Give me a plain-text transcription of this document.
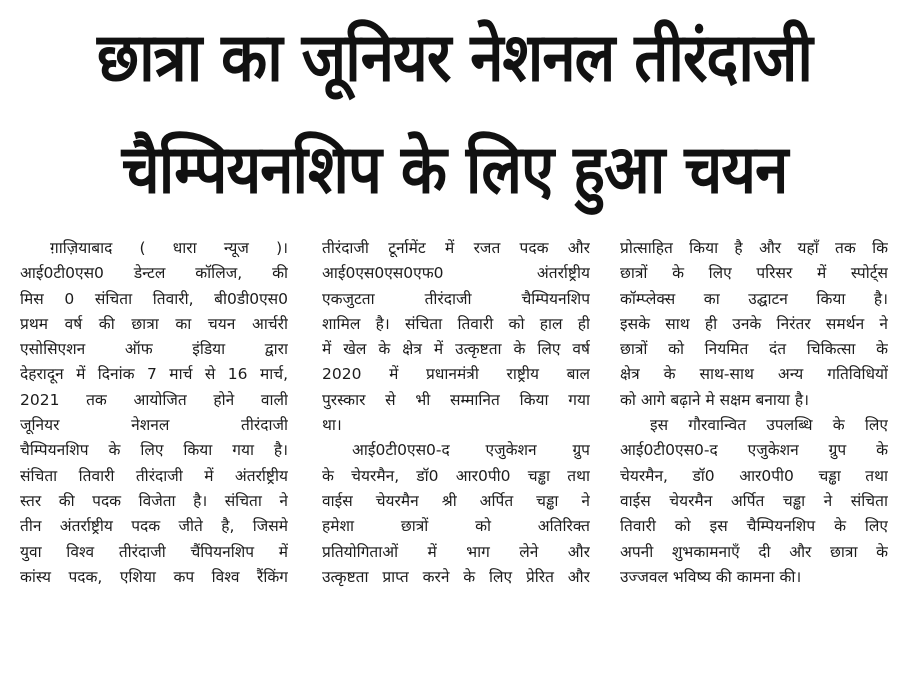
छात्रा का जूनियर नेशनल तीरंदाजी
चैम्पियनशिप के लिए हुआ चयन
ग़ाज़ियाबाद ( धारा न्यूज )।
आई0टी0एस0 डेन्टल कॉलिज, की
मिस 0 संचिता तिवारी, बी0डी0एस0
प्रथम वर्ष की छात्रा का चयन आर्चरी
एसोसिएशन ऑफ इंडिया द्वारा
देहरादून में दिनांक 7 मार्च से 16 मार्च,
2021 तक आयोजित होने वाली
जूनियर नेशनल तीरंदाजी
चैम्पियनशिप के लिए किया गया है।
संचिता तिवारी तीरंदाजी में अंतर्राष्ट्रीय
स्तर की पदक विजेता है। संचिता ने
तीन अंतर्राष्ट्रीय पदक जीते है, जिसमे
युवा विश्व तीरंदाजी चैंपियनशिप में
कांस्य पदक, एशिया कप विश्व रैंकिंग
तीरंदाजी टूर्नामेंट में रजत पदक और
आई0एस0एस0एफ0 अंतर्राष्ट्रीय
एकजुटता तीरंदाजी चैम्पियनशिप
शामिल है। संचिता तिवारी को हाल ही
में खेल के क्षेत्र में उत्कृष्टता के लिए वर्ष
2020 में प्रधानमंत्री राष्ट्रीय बाल
पुरस्कार से भी सम्मानित किया गया
था।
आई0टी0एस0-द एजुकेशन ग्रुप
के चेयरमैन, डॉ0 आर0पी0 चड्ढा तथा
वाईस चेयरमैन श्री अर्पित चड्ढा ने
हमेशा छात्रों को अतिरिक्त
प्रतियोगिताओं में भाग लेने और
उत्कृष्टता प्राप्त करने के लिए प्रेरित और
प्रोत्साहित किया है और यहाँ तक कि
छात्रों के लिए परिसर में स्पोर्ट्स
कॉम्प्लेक्स का उद्घाटन किया है।
इसके साथ ही उनके निरंतर समर्थन ने
छात्रों को नियमित दंत चिकित्सा के
क्षेत्र के साथ-साथ अन्य गतिविधियों
को आगे बढ़ाने मे सक्षम बनाया है।
इस गौरवान्वित उपलब्धि के लिए
आई0टी0एस0-द एजुकेशन ग्रुप के
चेयरमैन, डॉ0 आर0पी0 चड्ढा तथा
वाईस चेयरमैन अर्पित चड्ढा ने संचिता
तिवारी को इस चैम्पियनशिप के लिए
अपनी शुभकामनाएँ दी और छात्रा के
उज्जवल भविष्य की कामना की।
